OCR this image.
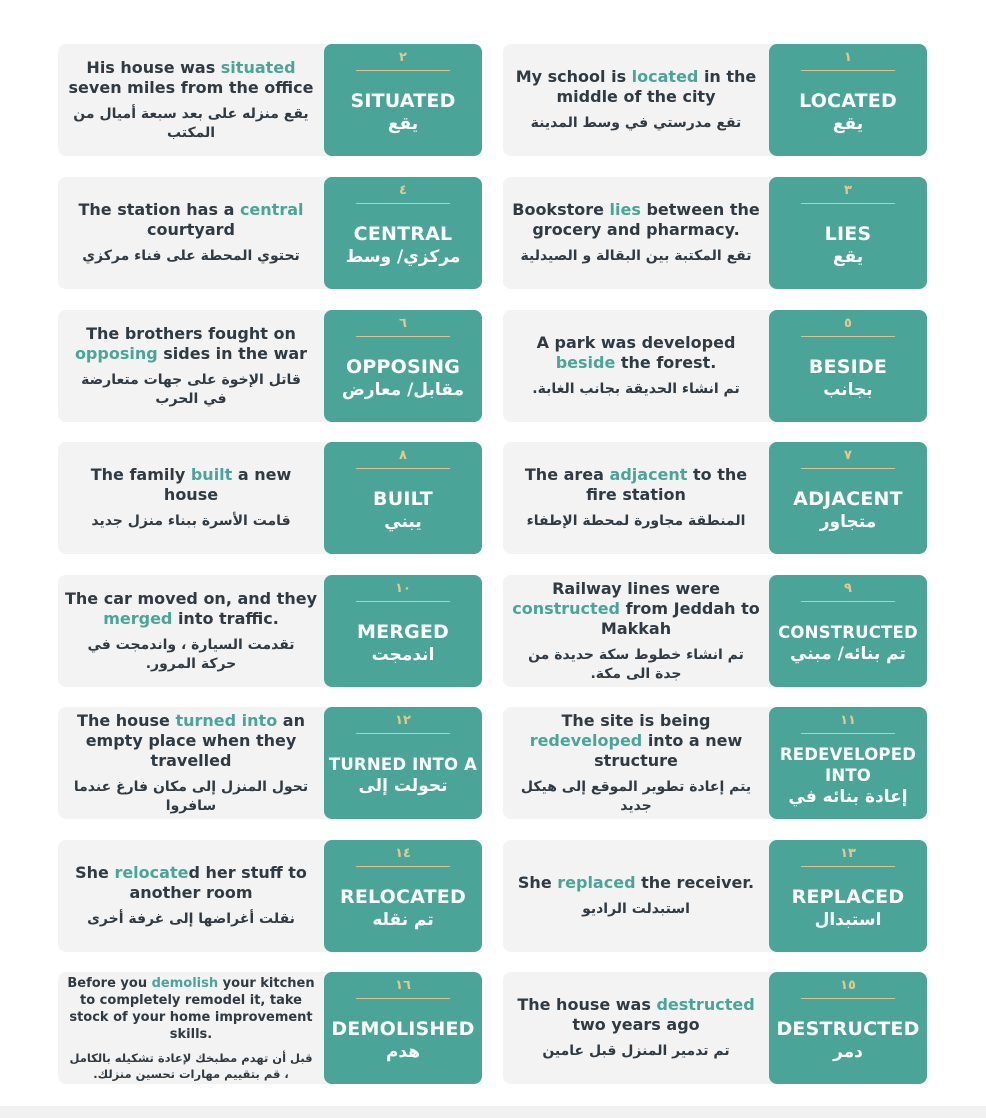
My school is located in the middle of the city
تقع مدرستي في وسط المدينة
١
LOCATED
يقع
His house was situated seven miles from the office
يقع منزله على بعد سبعة أميال من المكتب
٢
SITUATED
يقع
Bookstore lies between the grocery and pharmacy.
تقع المكتبة بين البقالة و الصيدلية
٣
LIES
يقع
The station has a central courtyard
تحتوي المحطة على فناء مركزي
٤
CENTRAL
مركزي/ وسط
A park was developed beside the forest.
تم انشاء الحديقة بجانب الغابة.
٥
BESIDE
بجانب
The brothers fought on opposing sides in the war
قاتل الإخوة على جهات متعارضة في الحرب
٦
OPPOSING
مقابل/ معارض
The area adjacent to the fire station
المنطقة مجاورة لمحطة الإطفاء
٧
ADJACENT
متجاور
The family built a new house
قامت الأسرة ببناء منزل جديد
٨
BUILT
يبني
Railway lines were constructed from Jeddah to Makkah
تم انشاء خطوط سكة حديدة من جدة الى مكة.
٩
CONSTRUCTED
تم بنائه/ مبني
The car moved on, and they merged into traffic.
تقدمت السيارة ، واندمجت في حركة المرور.
١٠
MERGED
اندمجت
The site is being redeveloped into a new structure
يتم إعادة تطوير الموقع إلى هيكل جديد
١١
REDEVELOPED INTO
إعادة بنائه في
The house turned into an empty place when they travelled
تحول المنزل إلى مكان فارغ عندما سافروا
١٢
TURNED INTO A
تحولت إلى
She replaced the receiver.
استبدلت الراديو
١٣
REPLACED
استبدال
She relocated her stuff to another room
نقلت أغراضها إلى غرفة أخرى
١٤
RELOCATED
تم نقله
The house was destructed two years ago
تم تدمير المنزل قبل عامين
١٥
DESTRUCTED
دمر
Before you demolish your kitchen to completely remodel it, take stock of your home improvement skills.
قبل أن تهدم مطبخك لإعادة تشكيله بالكامل ، قم بتقييم مهارات تحسين منزلك.
١٦
DEMOLISHED
هدم
